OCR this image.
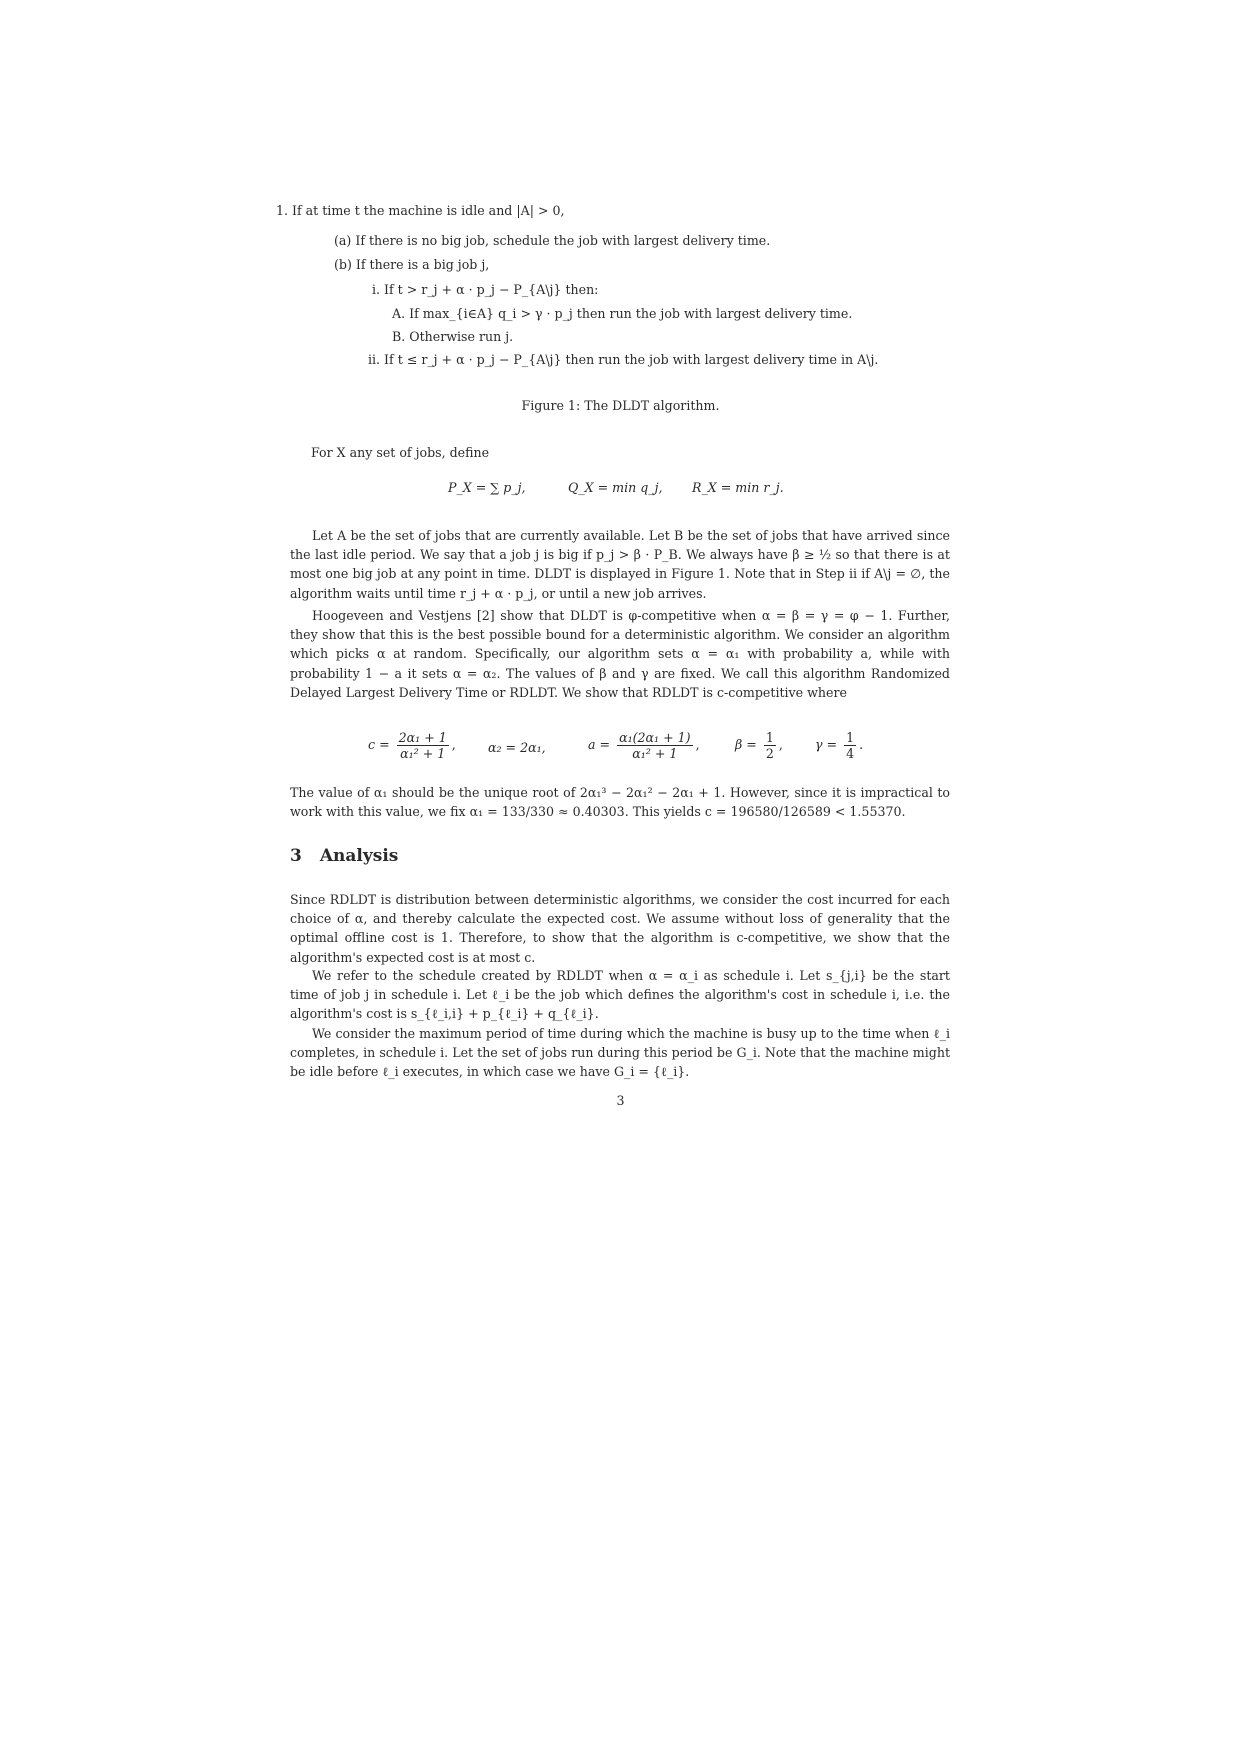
1. If at time t the machine is idle and |A| > 0,
(a) If there is no big job, schedule the job with largest delivery time.
(b) If there is a big job j,
i. If t > r_j + α · p_j − P_{A\j} then:
A. If max_{i∈A} q_i > γ · p_j then run the job with largest delivery time.
B. Otherwise run j.
ii. If t ≤ r_j + α · p_j − P_{A\j} then run the job with largest delivery time in A\j.
Figure 1: The DLDT algorithm.
For X any set of jobs, define
P_X = ∑ p_j,	Q_X = min q_j, R_X = min r_j.
Let A be the set of jobs that are currently available. Let B be the set of jobs that have arrived since the last idle period. We say that a job j is big if p_j > β · P_B. We always have β ≥ ½ so that there is at most one big job at any point in time. DLDT is displayed in Figure 1. Note that in Step ii if A\j = ∅, the algorithm waits until time r_j + α · p_j, or until a new job arrives.
Hoogeveen and Vestjens [2] show that DLDT is φ-competitive when α = β = γ = φ − 1. Further, they show that this is the best possible bound for a deterministic algorithm. We consider an algorithm which picks α at random. Specifically, our algorithm sets α = α₁ with probability a, while with probability 1 − a it sets α = α₂. The values of β and γ are fixed. We call this algorithm Randomized Delayed Largest Delivery Time or RDLDT. We show that RDLDT is c-competitive where
$c = \frac{\text{2α₁ + 1}}{\text{α₁² + 1}}$ ,	α₂ = 2α₁,	$a = \frac{\text{α₁(2α₁ + 1)}}{\text{α₁² + 1}}$ ,	$\beta = \frac{1}{2}$ ,	$\gamma = \frac{1}{4}$ .
The value of α₁ should be the unique root of 2α₁³ − 2α₁² − 2α₁ + 1. However, since it is impractical to work with this value, we fix α₁ = 133/330 ≈ 0.40303. This yields c = 196580/126589 < 1.55370.
3 Analysis
Since RDLDT is distribution between deterministic algorithms, we consider the cost incurred for each choice of α, and thereby calculate the expected cost. We assume without loss of generality that the optimal offline cost is 1. Therefore, to show that the algorithm is c-competitive, we show that the algorithm's expected cost is at most c.
We refer to the schedule created by RDLDT when α = α_i as schedule i. Let s_{j,i} be the start time of job j in schedule i. Let ℓ_i be the job which defines the algorithm's cost in schedule i, i.e. the algorithm's cost is s_{ℓ_i,i} + p_{ℓ_i} + q_{ℓ_i}.
We consider the maximum period of time during which the machine is busy up to the time when ℓ_i completes, in schedule i. Let the set of jobs run during this period be G_i. Note that the machine might be idle before ℓ_i executes, in which case we have G_i = {ℓ_i}.
3
